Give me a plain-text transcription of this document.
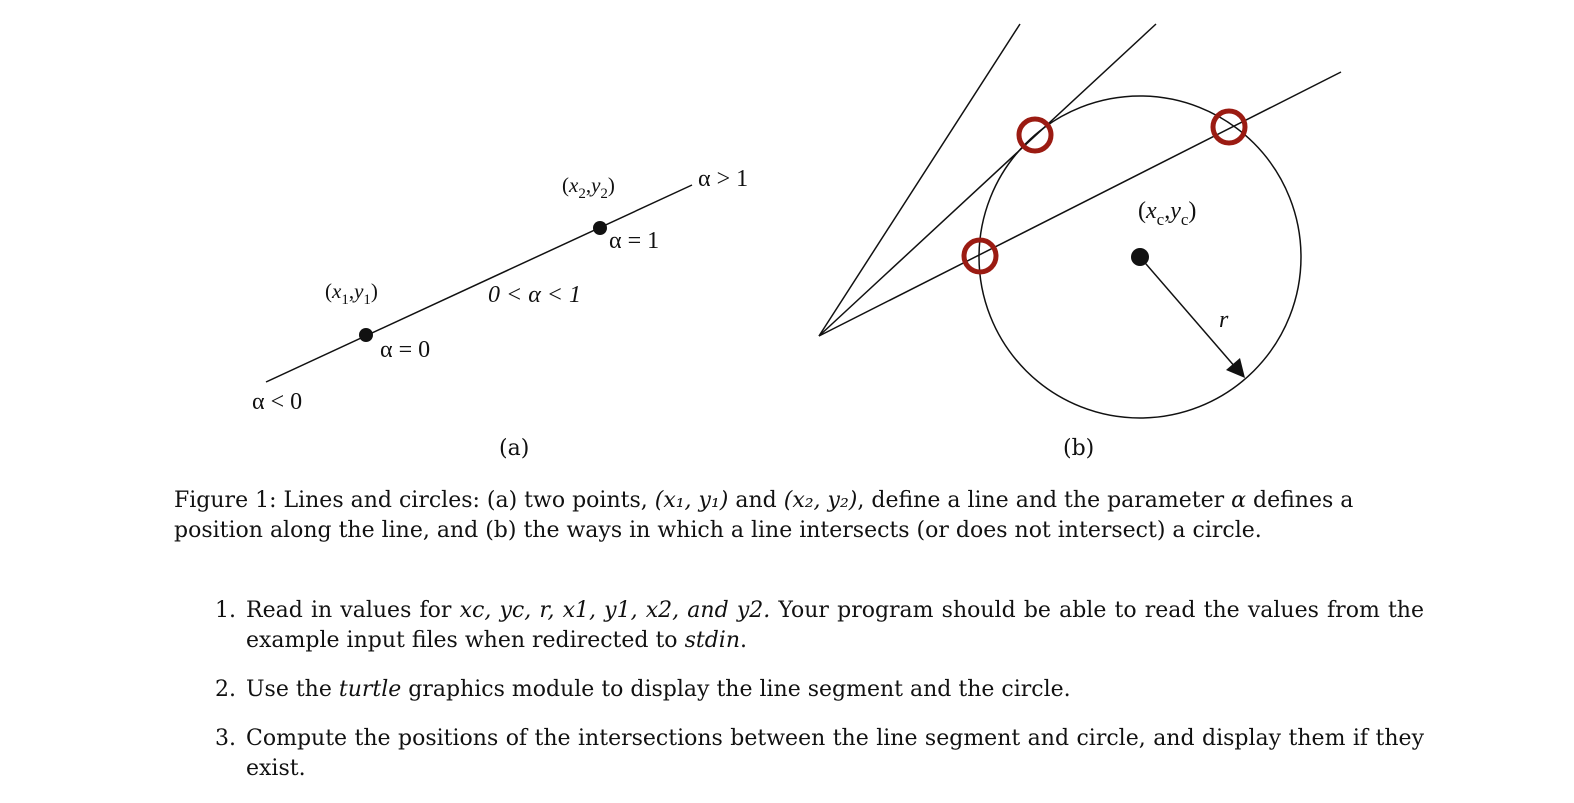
α < 0
α = 0
0 < α < 1
α = 1
α > 1
$(x_1,y_1)$
$(x_2,y_2)$
(a)
$(x_c,y_c)$
r
(b)
Figure 1: Lines and circles: (a) two points, (x₁, y₁) and (x₂, y₂), define a line and the parameter α defines a position along the line, and (b) the ways in which a line intersects (or does not intersect) a circle.
1. Read in values for xc, yc, r, x1, y1, x2, and y2. Your program should be able to read the values from the example input files when redirected to stdin.
2. Use the turtle graphics module to display the line segment and the circle.
3. Compute the positions of the intersections between the line segment and circle, and display them if they exist.
